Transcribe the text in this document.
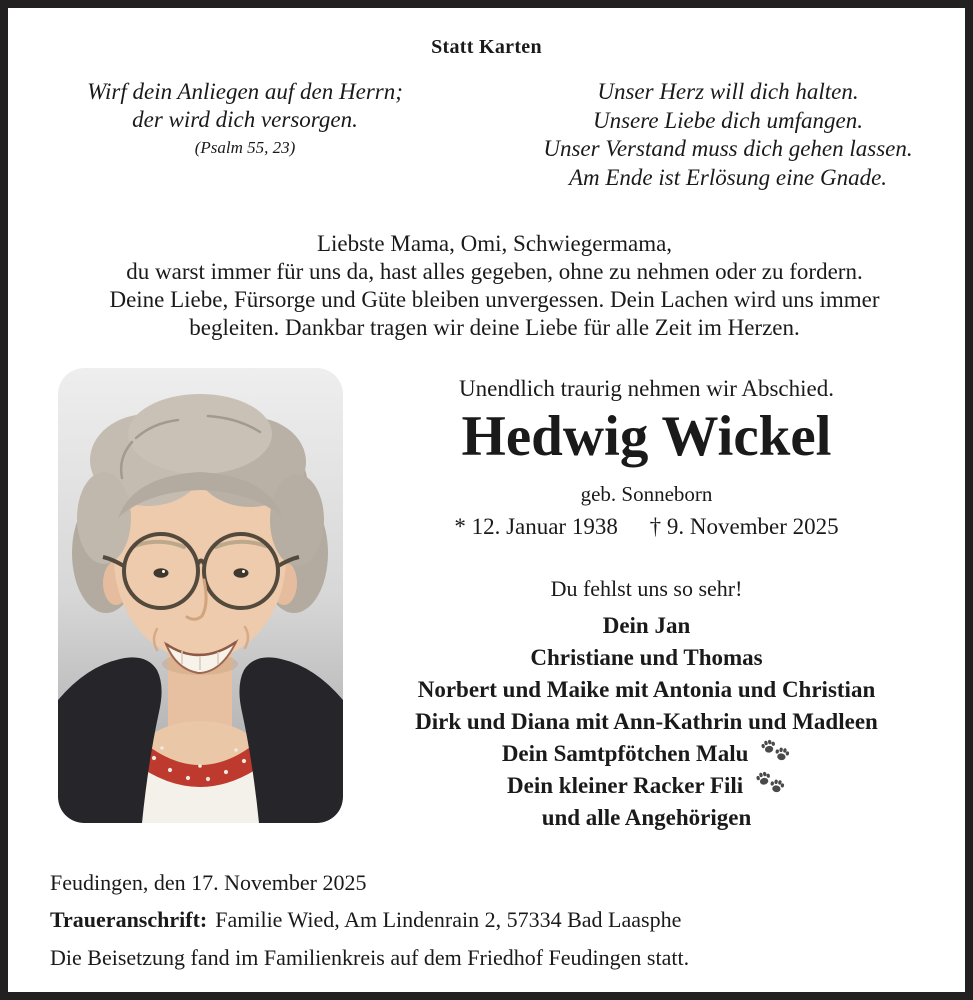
Statt Karten
Wirf dein Anliegen auf den Herrn;
der wird dich versorgen.
(Psalm 55, 23)
Unser Herz will dich halten.
Unsere Liebe dich umfangen.
Unser Verstand muss dich gehen lassen.
Am Ende ist Erlösung eine Gnade.
Liebste Mama, Omi, Schwiegermama,
du warst immer für uns da, hast alles gegeben, ohne zu nehmen oder zu fordern.
Deine Liebe, Fürsorge und Güte bleiben unvergessen. Dein Lachen wird uns immer
begleiten. Dankbar tragen wir deine Liebe für alle Zeit im Herzen.
Unendlich traurig nehmen wir Abschied.
Hedwig Wickel
geb. Sonneborn
* 12. Januar 1938 † 9. November 2025
Du fehlst uns so sehr!
Dein Jan
Christiane und Thomas
Norbert und Maike mit Antonia und Christian
Dirk und Diana mit Ann-Kathrin und Madleen
Dein Samtpfötchen Malu
Dein kleiner Racker Fili
und alle Angehörigen
Feudingen, den 17. November 2025
Traueranschrift: Familie Wied, Am Lindenrain 2, 57334 Bad Laasphe
Die Beisetzung fand im Familienkreis auf dem Friedhof Feudingen statt.
